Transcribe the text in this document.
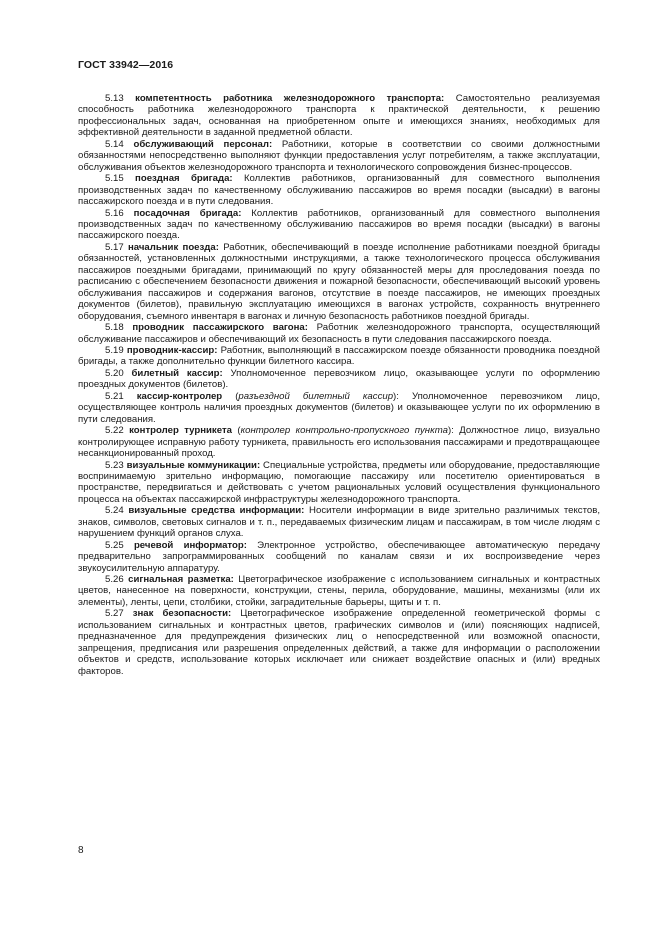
ГОСТ 33942—2016

5.13 компетентность работника железнодорожного транспорта: Самостоятельно реализуемая способность работника железнодорожного транспорта к практической деятельности, к решению профессиональных задач, основанная на приобретенном опыте и имеющихся знаниях, необходимых для эффективной деятельности в заданной предметной области.

5.14 обслуживающий персонал: Работники, которые в соответствии со своими должностными обязанностями непосредственно выполняют функции предоставления услуг потребителям, а также эксплуатации, обслуживания объектов железнодорожного транспорта и технологического сопровождения бизнес-процессов.

5.15 поездная бригада: Коллектив работников, организованный для совместного выполнения производственных задач по качественному обслуживанию пассажиров во время посадки (высадки) в вагоны пассажирского поезда и в пути следования.

5.16 посадочная бригада: Коллектив работников, организованный для совместного выполнения производственных задач по качественному обслуживанию пассажиров во время посадки (высадки) в вагоны пассажирского поезда.

5.17 начальник поезда: Работник, обеспечивающий в поезде исполнение работниками поездной бригады обязанностей, установленных должностными инструкциями, а также технологического процесса обслуживания пассажиров поездными бригадами, принимающий по кругу обязанностей меры для проследования поезда по расписанию с обеспечением безопасности движения и пожарной безопасности, обеспечивающий высокий уровень обслуживания пассажиров и содержания вагонов, отсутствие в поезде пассажиров, не имеющих проездных документов (билетов), правильную эксплуатацию имеющихся в вагонах устройств, сохранность внутреннего оборудования, съемного инвентаря в вагонах и личную безопасность работников поездной бригады.

5.18 проводник пассажирского вагона: Работник железнодорожного транспорта, осуществляющий обслуживание пассажиров и обеспечивающий их безопасность в пути следования пассажирского поезда.

5.19 проводник-кассир: Работник, выполняющий в пассажирском поезде обязанности проводника поездной бригады, а также дополнительно функции билетного кассира.

5.20 билетный кассир: Уполномоченное перевозчиком лицо, оказывающее услуги по оформлению проездных документов (билетов).

5.21 кассир-контролер (разъездной билетный кассир): Уполномоченное перевозчиком лицо, осуществляющее контроль наличия проездных документов (билетов) и оказывающее услуги по их оформлению в пути следования.

5.22 контролер турникета (контролер контрольно-пропускного пункта): Должностное лицо, визуально контролирующее исправную работу турникета, правильность его использования пассажирами и предотвращающее несанкционированный проход.

5.23 визуальные коммуникации: Специальные устройства, предметы или оборудование, предоставляющие воспринимаемую зрительно информацию, помогающие пассажиру или посетителю ориентироваться в пространстве, передвигаться и действовать с учетом рациональных условий осуществления функционального процесса на объектах пассажирской инфраструктуры железнодорожного транспорта.

5.24 визуальные средства информации: Носители информации в виде зрительно различимых текстов, знаков, символов, световых сигналов и т. п., передаваемых физическим лицам и пассажирам, в том числе людям с нарушением функций органов слуха.

5.25 речевой информатор: Электронное устройство, обеспечивающее автоматическую передачу предварительно запрограммированных сообщений по каналам связи и их воспроизведение через звукоусилительную аппаратуру.

5.26 сигнальная разметка: Цветографическое изображение с использованием сигнальных и контрастных цветов, нанесенное на поверхности, конструкции, стены, перила, оборудование, машины, механизмы (или их элементы), ленты, цепи, столбики, стойки, заградительные барьеры, щиты и т. п.

5.27 знак безопасности: Цветографическое изображение определенной геометрической формы с использованием сигнальных и контрастных цветов, графических символов и (или) поясняющих надписей, предназначенное для предупреждения физических лиц о непосредственной или возможной опасности, запрещения, предписания или разрешения определенных действий, а также для информации о расположении объектов и средств, использование которых исключает или снижает воздействие опасных и (или) вредных факторов.

8
